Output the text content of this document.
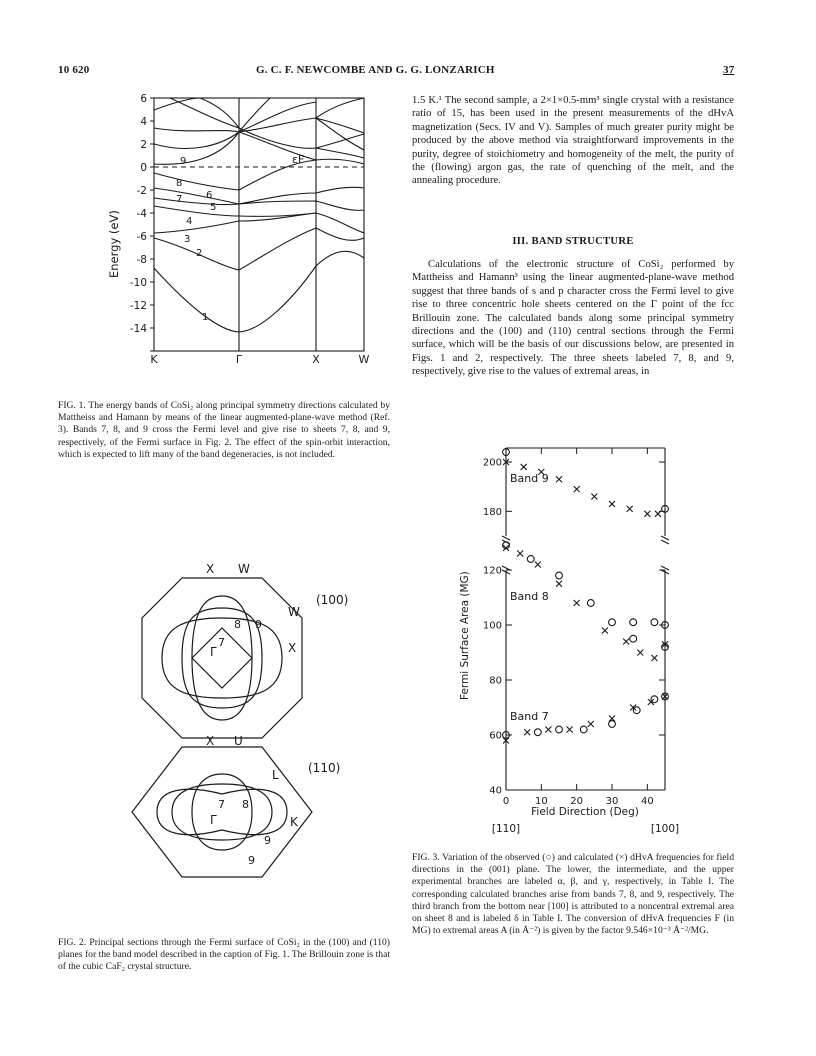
10 620	G. C. F. NEWCOMBE AND G. G. LONZARICH	37
6
4
2
0
-2
-4
-6
-8
-10
-12
-14
Energy (eV)
K	Γ	X	W
εF
1
2
3
4
5
6
7
8
9
FIG. 1. The energy bands of CoSi₂ along principal symmetry directions calculated by Mattheiss and Hamann by means of the linear augmented-plane-wave method (Ref. 3). Bands 7, 8, and 9 cross the Fermi level and give rise to sheets 7, 8, and 9, respectively, of the Fermi surface in Fig. 2. The effect of the spin-orbit interaction, which is expected to lift many of the band degeneracies, is not included.
X W
W
X
Γ
(100)
7
8 9
X U
L
K
Γ
(110)
7 8
9
9
FIG. 2. Principal sections through the Fermi surface of CoSi₂ in the (100) and (110) planes for the band model described in the caption of Fig. 1. The Brillouin zone is that of the cubic CaF₂ crystal structure.
1.5 K.¹ The second sample, a 2×1×0.5-mm³ single crystal with a resistance ratio of 15, has been used in the present measurements of the dHvA magnetization (Secs. IV and V). Samples of much greater purity might be produced by the above method via straightforward improvements in the purity, degree of stoichiometry and homogeneity of the melt, the purity of the (flowing) argon gas, the rate of quenching of the melt, and the annealing procedure.
III. BAND STRUCTURE
Calculations of the electronic structure of CoSi₂ performed by Mattheiss and Hamann³ using the linear augmented-plane-wave method suggest that three bands of s and p character cross the Fermi level to give rise to three concentric hole sheets centered on the Γ point of the fcc Brillouin zone. The calculated bands along some principal symmetry directions and the (100) and (110) central sections through the Fermi surface, which will be the basis of our discussions below, are presented in Figs. 1 and 2, respectively. The three sheets labeled 7, 8, and 9, respectively, give rise to the values of extremal areas, in
0	10 20 30 40
40
60
80
100
120
180
200
Band 9
Band 8
Band 7
Fermi Surface Area (MG)
Field Direction (Deg)
[110]	[100]
FIG. 3. Variation of the observed (○) and calculated (×) dHvA frequencies for field directions in the (001) plane. The lower, the intermediate, and the upper experimental branches are labeled α, β, and γ, respectively, in Table I. The corresponding calculated branches arise from bands 7, 8, and 9, respectively. The third branch from the bottom near [100] is attributed to a noncentral extremal area on sheet 8 and is labeled δ in Table I. The conversion of dHvA frequencies F (in MG) to extremal areas A (in Å⁻²) is given by the factor 9.546×10⁻³ Å⁻²/MG.
